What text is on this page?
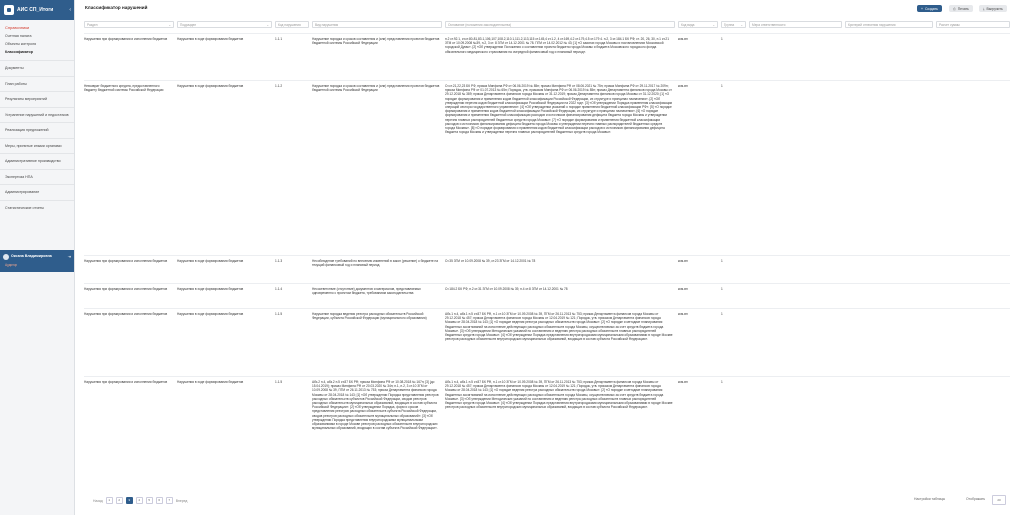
АИС СП_Итоги	‹
Справочники
Счетная палата
Объекты контроля
Классификатор
Документы
План работы
Результаты мероприятий
Устранение нарушений и недостатков
Реализация предложений
Меры, принятые иными органами
Административное производство
Экспертиза НПА
Администрирование
Статистические отчеты
Оксана Владимировна
Аудитор
⇥
Классификатор нарушений	+ Создать	⎙ Печать	⤓ Выгрузить
Раздел	⌄	Подраздел	⌄	Код нарушения	Вид нарушения	Основание (положения законодательства)	Код вида	⌄	Группа ⌄	Мера ответственности	Критерий отнесения нарушения	Расчет суммы
Нарушения при формировании и исполнении бюджетов	Нарушения в ходе формирования бюджетов	1.1.1	Нарушение порядка и сроков составления и (или) представления проектов бюджетов бюджетной системы Российской Федерации
п.2 ст.92.1, ст.ст.80-81,83.1,106,107,108.2,110.1,111.2,113,115 ст.145,4 ст.1.2, 4 ст.169,4.2 ст.179,4.5 ст.179 4. п.2, 3 ст.184.1 БК РФ; ст. 20, 26, 30, п.1 ст.21 ЗГМ от 10.09.2008 №39, п.2, 3 ст. 8 ЗГМ от 14.12.2001 № 78. ПГМ от 14.02.2012 № 43; [1] «О законах города Москвы и постановлениях Московской городской Думы». [2] «Об утверждении Положения о составлении проекта бюджета города Москвы и бюджета Московского городского фонда обязательного медицинского страхования на очередной финансовый год и плановый период».
ксм-вн	1
Невозврат бюджетного кредита, предоставленного бюджету бюджетной системы Российской Федерации
Нарушения в ходе формирования бюджетов	1.1.2	Нарушение порядка и сроков составления и (или) представления проектов бюджетов бюджетной системы Российской Федерации
Ст.ст.21,22,23 БК РФ, приказ Минфина РФ от 06.06.2019 № 85н; приказ Минфина РФ от 08.06.2021 № 75н; приказ Минфина РФ от 29.11.2017 № 209н; приказ Минфина РФ от 01.07.2013 № 65н; Порядок, утв. приказом Минфина РФ от 06.06.2019 № 85н; приказ Департамента финансов города Москвы от 29.12.2018 № 389; приказ Департамента финансов города Москвы от 31.12.2019; приказ Департамента финансов города Москвы от 31.12.2020; [1] «О порядке формирования и применения кодов бюджетной классификации Российской Федерации, их структуре и принципах назначения». [2] «Об утверждении перечня кодов бюджетной классификации Российской Федерации на 2022 год». [3] «Об утверждении Порядка применения классификации операций сектора государственного управления». [4] «Об утверждении указаний о порядке применения бюджетной классификации РФ». [5] «О порядке формирования и применения кодов бюджетной классификации Российской Федерации, их структуре и принципах назначения». [6] «О порядке формирования и применения бюджетной классификации расходов и источников финансирования дефицита бюджета города Москвы и утверждении перечня главных распорядителей бюджетных средств города Москвы». [7] «О порядке формирования и применения бюджетной классификации расходов и источников финансирования дефицита бюджета города Москвы и утверждении перечня главных распорядителей бюджетных средств города Москвы». [8] «О порядке формирования и применения кодов бюджетной классификации расходов и источников финансирования дефицита бюджета города Москвы и утверждении перечня главных распорядителей бюджетных средств города Москвы».
ксм-вн	1
Нарушения при формировании и исполнении бюджетов	Нарушения в ходе формирования бюджетов	1.1.3	Несоблюдение требований по внесению изменений в закон (решение) о бюджете на текущий финансовый год и плановый период.
Ст.35 ЗГМ от 10.09.2008 № 39, ст.23 ЗГМ от 14.12.2001 № 78	ксм-вн	1
Нарушения при формировании и исполнении бюджетов	Нарушения в ходе формирования бюджетов	1.1.4	Несоответствие (отсутствие) документов и материалов, представляемых одновременно с проектом бюджета, требованиям законодательства
Ст.184.2 БК РФ, п.2 ст.31 ЗГМ от 10.09.2008 № 39, п.4 ст.8 ЗГМ от 14.12.2001 № 78	ксм-вн	1
Нарушения при формировании и исполнении бюджетов	Нарушения в ходе формирования бюджетов	1.1.5	Нарушение порядка ведения реестра расходных обязательств Российской Федерации, субъекта Российской Федерации (муниципального образования)
Абз.1 п.4, абз.1 п.5 ст.87 БК РФ, п.1 ст.10 ЗГМ от 10.09.2008 № 39, ПГМ от 26.11.2013 № 753; приказ Департамента финансов города Москвы от 29.12.2018 № 457; приказ Департамента финансов города Москвы от 12.04.2019 № 121; Порядок, утв. приказом Департамента финансов города Москвы от 28.04.2018 № 143; [1] «О порядке ведения реестра расходных обязательств города Москвы». [2] «О порядке и методике планирования бюджетных ассигнований на исполнение действующих расходных обязательств города Москвы, осуществляемых за счет средств бюджета города Москвы». [3] «Об утверждении Методических указаний по составлению и ведению реестра расходных обязательств главных распорядителей бюджетных средств города Москвы». [4] «Об утверждении Порядка представления внутригородскими муниципальными образованиями в городе Москве реестров расходных обязательств внутригородских муниципальных образований, входящих в состав субъекта Российской Федерации».
ксм-вн	1
Нарушения при формировании и исполнении бюджетов	Нарушения в ходе формирования бюджетов	1.1.5	Абз.2 п.4, абз.2 п.5 ст.87 БК РФ; приказ Минфина РФ от 10.08.2018 № 167н; [3] (до 15.04.2019); приказ Минфина РФ от 20.03.2020 № 34н; п.1, п.2, 3 ст.10 ЗГМ от 10.09.2008 № 39, ПГМ от 26.11.2013 № 753; приказ Департамента финансов города Москвы от 28.04.2018 № 143; [1] «Об утверждении Порядка представления реестров расходных обязательств субъектов Российской Федерации, сводов реестров расходных обязательств муниципальных образований, входящих в состав субъекта Российской Федерации». [2] «Об утверждении Порядка, форм и сроков представления реестров расходных обязательств субъекта Российской Федерации, сводов реестров расходных обязательств муниципальных образований». [3] «Об утверждении Порядка представления внутригородскими муниципальными образованиями в городе Москве реестров расходных обязательств внутригородских муниципальных образований, входящих в состав субъекта Российской Федерации».
Абз.1 п.4, абз.1 п.5 ст.87 БК РФ, п.1 ст.10 ЗГМ от 10.09.2008 № 39, ПГМ от 26.11.2013 № 753; приказ Департамента финансов города Москвы от 29.12.2018 № 457; приказ Департамента финансов города Москвы от 12.04.2019 № 121; Порядок, утв. приказом Департамента финансов города Москвы от 28.04.2018 № 143; [1] «О порядке ведения реестра расходных обязательств города Москвы». [2] «О порядке и методике планирования бюджетных ассигнований на исполнение действующих расходных обязательств города Москвы, осуществляемых за счет средств бюджета города Москвы». [3] «Об утверждении Методических указаний по составлению и ведению реестра расходных обязательств главных распорядителей бюджетных средств города Москвы». [4] «Об утверждении Порядка представления внутригородскими муниципальными образованиями в городе Москве реестров расходных обязательств внутригородских муниципальных образований, входящих в состав субъекта Российской Федерации».
ксм-вн	1
Назад	1	2	3	4	5	6	7	Вперед	Настройки таблицы	Отображать	20
